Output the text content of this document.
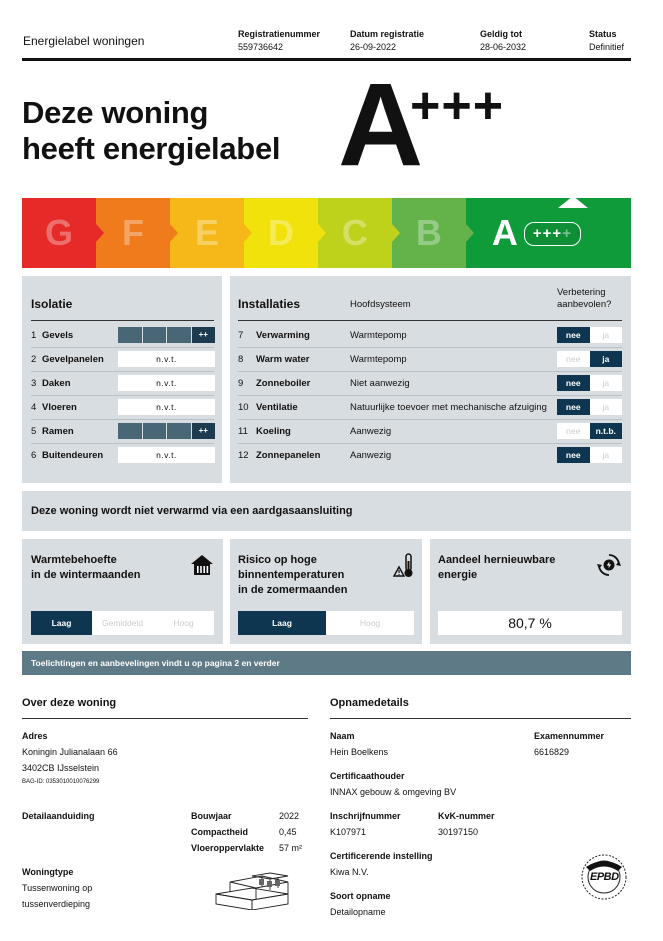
Energielabel woningen	Registratienummer
559736642
Datum registratie
26-09-2022
Geldig tot
28-06-2032
Status
Definitief
Deze woning
heeft energielabel A
+++
G F E D C B A	++++
Isolatie
1 Gevels	++
2 Gevelpanelen	n.v.t.
3 Daken	n.v.t.
4 Vloeren	n.v.t.
5 Ramen	++
6 Buitendeuren	n.v.t.
Installaties	Hoofdsysteem
Verbetering
aanbevolen?
7 Verwarming	Warmtepomp	nee	ja
8 Warm water	Warmtepomp	nee	ja
9 Zonneboiler	Niet aanwezig	nee	ja
10 Ventilatie	Natuurlijke toevoer met mechanische afzuiging	nee	ja
11 Koeling	Aanwezig	nee	n.t.b.
12 Zonnepanelen	Aanwezig	nee	ja
Deze woning wordt niet verwarmd via een aardgasaansluiting
Warmtebehoefte
in de wintermaanden
Laag	Gemiddeld	Hoog
Risico op hoge
binnentemperaturen
in de zomermaanden
Laag	Hoog
Aandeel hernieuwbare
energie
80,7 %
Toelichtingen en aanbevelingen vindt u op pagina 2 en verder
Over deze woning
Adres
Koningin Julianalaan 66
3402CB IJsselstein
BAG-ID: 0353010010076299
Detailaanduiding	Bouwjaar	2022
Compactheid	0,45
Vloeroppervlakte 57 m²
Woningtype
Tussenwoning op
tussenverdieping
Opnamedetails
Naam
Hein Boelkens
Examennummer
6616829
Certificaathouder
INNAX gebouw & omgeving BV
Inschrijfnummer
K107971
KvK-nummer
30197150
Certificerende instelling
Kiwa N.V.
Soort opname
Detailopname
EPBD
